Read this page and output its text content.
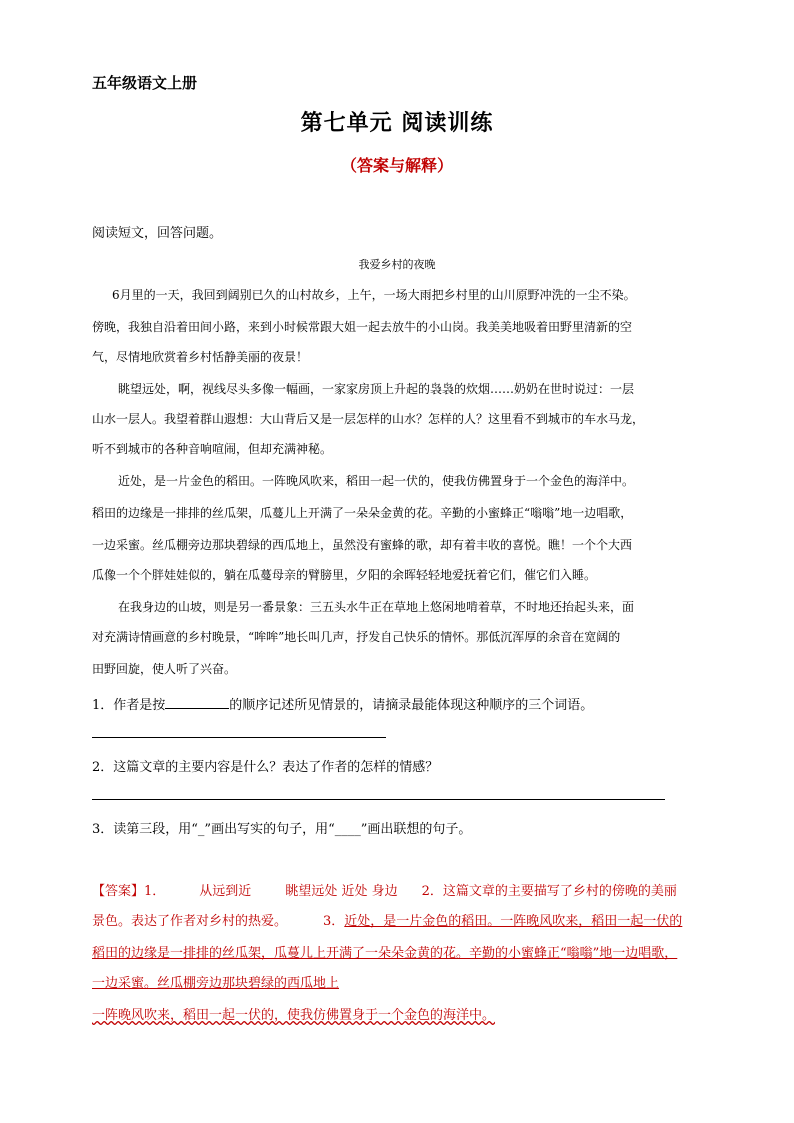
五年级语文上册
第七单元 阅读训练
（答案与解释）
阅读短文，回答问题。
我爱乡村的夜晚
6月里的一天，我回到阔别已久的山村故乡，上午，一场大雨把乡村里的山川原野冲洗的一尘不染。
傍晚，我独自沿着田间小路，来到小时候常跟大姐一起去放牛的小山岗。我美美地吸着田野里清新的空
气，尽情地欣赏着乡村恬静美丽的夜景！
眺望远处，啊，视线尽头多像一幅画，一家家房顶上升起的袅袅的炊烟……奶奶在世时说过：一层
山水一层人。我望着群山遐想：大山背后又是一层怎样的山水？怎样的人？这里看不到城市的车水马龙，
听不到城市的各种音响喧闹，但却充满神秘。
近处，是一片金色的稻田。一阵晚风吹来，稻田一起一伏的，使我仿佛置身于一个金色的海洋中。
稻田的边缘是一排排的丝瓜架，瓜蔓儿上开满了一朵朵金黄的花。辛勤的小蜜蜂正“嗡嗡”地一边唱歌，
一边采蜜。丝瓜棚旁边那块碧绿的西瓜地上，虽然没有蜜蜂的歌，却有着丰收的喜悦。瞧！一个个大西
瓜像一个个胖娃娃似的，躺在瓜蔓母亲的臂膀里，夕阳的余晖轻轻地爱抚着它们，催它们入睡。
在我身边的山坡，则是另一番景象：三五头水牛正在草地上悠闲地啃着草，不时地还抬起头来，面
对充满诗情画意的乡村晚景，“哞哞”地长叫几声，抒发自己快乐的情怀。那低沉浑厚的余音在宽阔的
田野回旋，使人听了兴奋。
1．作者是按	的顺序记述所见情景的，请摘录最能体现这种顺序的三个词语。
2．这篇文章的主要内容是什么？表达了作者的怎样的情感？
3．读第三段，用“_”画出写实的句子，用“____”画出联想的句子。
【答案】1．	从远到近	眺望远处 近处 身边 2．这篇文章的主要描写了乡村的傍晚的美丽
景色。表达了作者对乡村的热爱。	3．近处，是一片金色的稻田。一阵晚风吹来，稻田一起一伏的
稻田的边缘是一排排的丝瓜架，瓜蔓儿上开满了一朵朵金黄的花。辛勤的小蜜蜂正“嗡嗡”地一边唱歌，
一边采蜜。丝瓜棚旁边那块碧绿的西瓜地上
一阵晚风吹来，稻田一起一伏的，使我仿佛置身于一个金色的海洋中。
